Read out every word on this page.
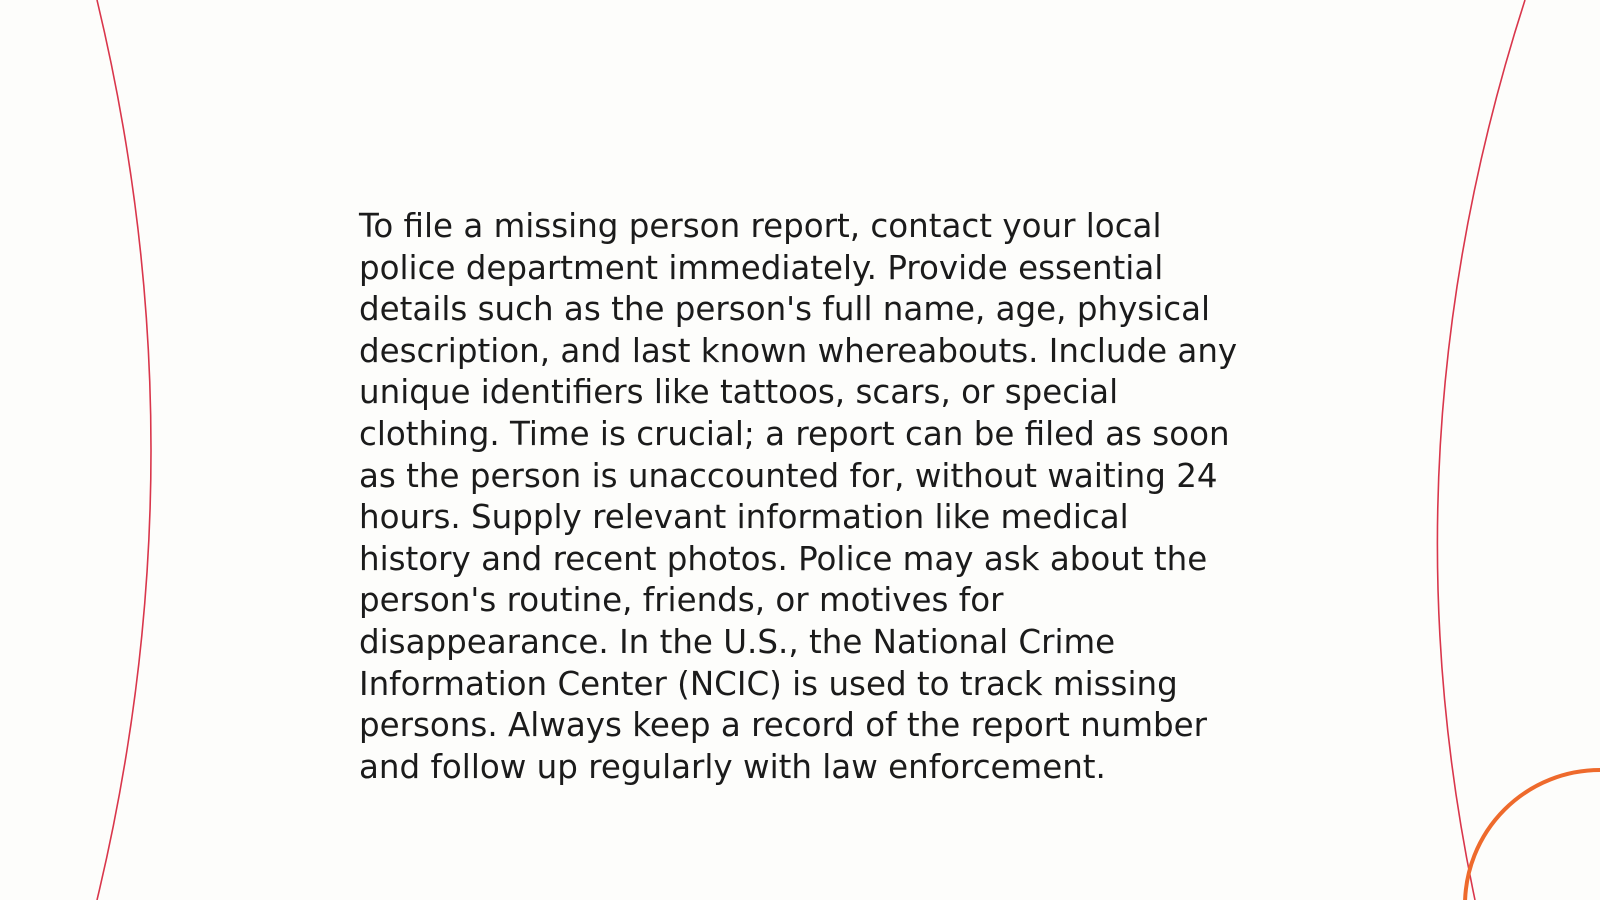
To file a missing person report, contact your local
police department immediately. Provide essential
details such as the person's full name, age, physical
description, and last known whereabouts. Include any
unique identifiers like tattoos, scars, or special
clothing. Time is crucial; a report can be filed as soon
as the person is unaccounted for, without waiting 24
hours. Supply relevant information like medical
history and recent photos. Police may ask about the
person's routine, friends, or motives for
disappearance. In the U.S., the National Crime
Information Center (NCIC) is used to track missing
persons. Always keep a record of the report number
and follow up regularly with law enforcement.
